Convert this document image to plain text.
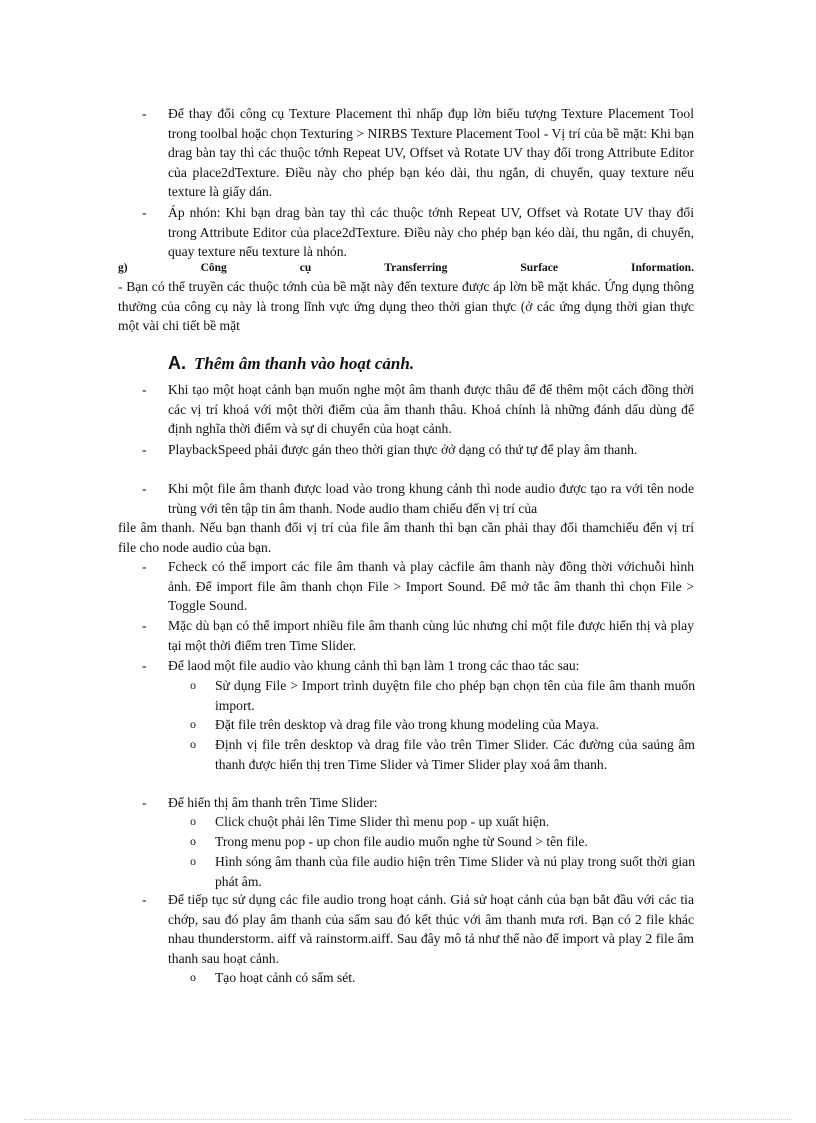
- Để thay đổi công cụ Texture Placement thì nhấp đụp lờn biểu tượng Texture Placement Tool trong toolbal hoặc chọn Texturing > NIRBS Texture Placement Tool - Vị trí của bề mặt: Khi bạn drag bàn tay thì các thuộc tớnh Repeat UV, Offset và Rotate UV thay đổi trong Attribute Editor của place2dTexture. Điều này cho phép bạn kéo dài, thu ngắn, di chuyển, quay texture nếu texture là giấy dán.
- Áp nhón: Khi bạn drag bàn tay thì các thuộc tớnh Repeat UV, Offset và Rotate UV thay đổi trong Attribute Editor của place2dTexture. Điều này cho phép bạn kéo dài, thu ngắn, di chuyển, quay texture nếu texture là nhón.
g)	Công	cụ	Transferring	Surface	Information.
- Bạn có thể truyền các thuộc tớnh của bề mặt này đến texture được áp lờn bề mặt khác. Ứng dụng thông thường của công cụ này là trong lĩnh vực ứng dụng theo thời gian thực (ở các ứng dụng thời gian thực một vài chi tiết bề mặt
A. Thêm âm thanh vào hoạt cảnh.
- Khi tạo một hoạt cảnh bạn muốn nghe một âm thanh được thâu để để thêm một cách đồng thời các vị trí khoá với một thời điểm của âm thanh thâu. Khoá chính là những đánh dấu dùng để định nghĩa thời điểm và sự di chuyển của hoạt cảnh.
- PlaybackSpeed phải được gán theo thời gian thực ởở dạng có thứ tự để play âm thanh.
- Khi một file âm thanh được load vào trong khung cảnh thì node audio được tạo ra với tên node trùng với tên tập tin âm thanh. Node audio tham chiếu đến vị trí của
file âm thanh. Nếu bạn thanh đổi vị trí của file âm thanh thì bạn cần phải thay đổi thamchiếu đến vị trí file cho node audio của bạn.
- Fcheck có thể import các file âm thanh và play cảcfile âm thanh này đồng thời vớichuỗi hình ảnh. Để import file âm thanh chọn File > Import Sound. Để mở tắc âm thanh thì chọn File > Toggle Sound.
- Mặc dù bạn có thể import nhiều file âm thanh cùng lúc nhưng chỉ một file được hiển thị và play tại một thời điểm tren Time Slider.
- Để laod một file audio vào khung cảnh thì bạn làm 1 trong các thao tác sau:
o Sử dụng File > Import trình duyệtn file cho phép bạn chọn tên của file âm thanh muốn import.
o Đặt file trên desktop và drag file vào trong khung modeling của Maya.
o Định vị file trên desktop và drag file vào trên Timer Slider. Các đường của saúng âm thanh được hiển thị tren Time Slider và Timer Slider play xoá âm thanh.
- Để hiển thị âm thanh trên Time Slider:
o Click chuột phải lên Time Slider thì menu pop - up xuất hiện.
o Trong menu pop - up chon file audio muốn nghe từ Sound > tên file.
o Hình sóng âm thanh của file audio hiện trên Time Slider và nú play trong suốt thời gian phát âm.
- Để tiếp tục sử dụng các file audio trong hoạt cảnh. Giả sử hoạt cảnh của bạn bắt đầu với các tia chớp, sau đó play âm thanh của sấm sau đó kết thúc với âm thanh mưa rơi. Bạn có 2 file khác nhau thunderstorm. aiff và rainstorm.aiff. Sau đây mô tả như thế nào để import và play 2 file âm thanh sau hoạt cảnh.
o Tạo hoạt cảnh có sấm sét.
